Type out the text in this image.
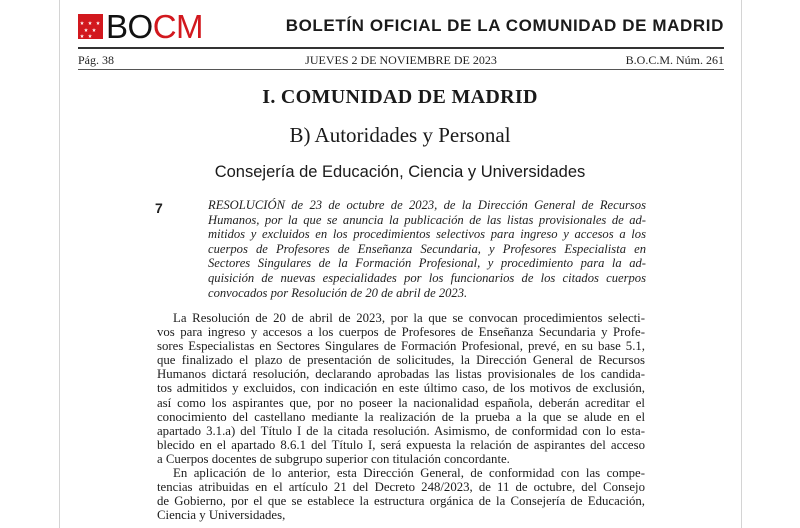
BOCM	BOLETÍN OFICIAL DE LA COMUNIDAD DE MADRID
Pág. 38	JUEVES 2 DE NOVIEMBRE DE 2023	B.O.C.M. Núm. 261
I. COMUNIDAD DE MADRID
B) Autoridades y Personal
Consejería de Educación, Ciencia y Universidades
7	RESOLUCIÓN de 23 de octubre de 2023, de la Dirección General de Recursos
Humanos, por la que se anuncia la publicación de las listas provisionales de ad-
mitidos y excluidos en los procedimientos selectivos para ingreso y accesos a los
cuerpos de Profesores de Enseñanza Secundaria, y Profesores Especialista en
Sectores Singulares de la Formación Profesional, y procedimiento para la ad-
quisición de nuevas especialidades por los funcionarios de los citados cuerpos
convocados por Resolución de 20 de abril de 2023.
La Resolución de 20 de abril de 2023, por la que se convocan procedimientos selecti-
vos para ingreso y accesos a los cuerpos de Profesores de Enseñanza Secundaria y Profe-
sores Especialistas en Sectores Singulares de Formación Profesional, prevé, en su base 5.1,
que finalizado el plazo de presentación de solicitudes, la Dirección General de Recursos
Humanos dictará resolución, declarando aprobadas las listas provisionales de los candida-
tos admitidos y excluidos, con indicación en este último caso, de los motivos de exclusión,
así como los aspirantes que, por no poseer la nacionalidad española, deberán acreditar el
conocimiento del castellano mediante la realización de la prueba a la que se alude en el
apartado 3.1.a) del Título I de la citada resolución. Asimismo, de conformidad con lo esta-
blecido en el apartado 8.6.1 del Título I, será expuesta la relación de aspirantes del acceso
a Cuerpos docentes de subgrupo superior con titulación concordante.
En aplicación de lo anterior, esta Dirección General, de conformidad con las compe-
tencias atribuidas en el artículo 21 del Decreto 248/2023, de 11 de octubre, del Consejo
de Gobierno, por el que se establece la estructura orgánica de la Consejería de Educación,
Ciencia y Universidades,
